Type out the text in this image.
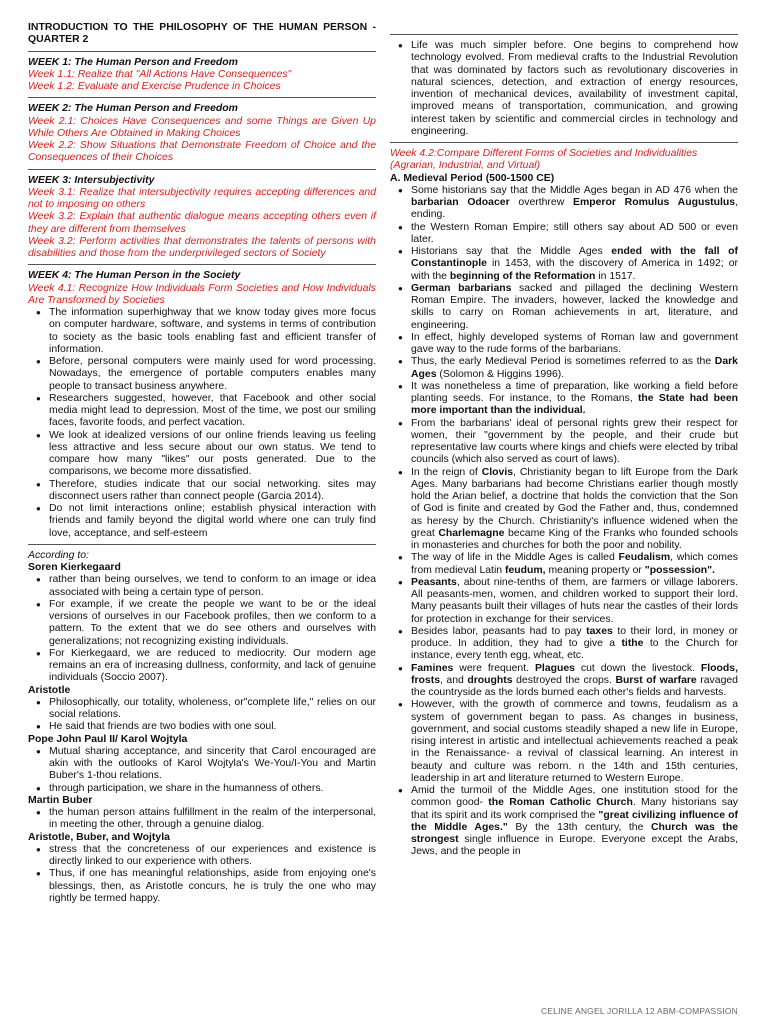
INTRODUCTION TO THE PHILOSOPHY OF THE HUMAN PERSON - QUARTER 2
WEEK 1: The Human Person and Freedom
Week 1.1: Realize that "All Actions Have Consequences"
Week 1.2: Evaluate and Exercise Prudence in Choices
WEEK 2: The Human Person and Freedom
Week 2.1: Choices Have Consequences and some Things are Given Up While Others Are Obtained in Making Choices
Week 2.2: Show Situations that Demonstrate Freedom of Choice and the Consequences of their Choices
WEEK 3: Intersubjectivity
Week 3.1: Realize that intersubjectivity requires accepting differences and not to imposing on others
Week 3.2: Explain that authentic dialogue means accepting others even if they are different from themselves
Week 3.2: Perform activities that demonstrates the talents of persons with disabilities and those from the underprivileged sectors of Society
WEEK 4: The Human Person in the Society
Week 4.1: Recognize How Individuals Form Societies and How Individuals Are Transformed by Societies
● The information superhighway that we know today gives more focus on computer hardware, software, and systems in terms of contribution to society as the basic tools enabling fast and efficient transfer of information.
● Before, personal computers were mainly used for word processing. Nowadays, the emergence of portable computers enables many people to transact business anywhere.
● Researchers suggested, however, that Facebook and other social media might lead to depression. Most of the time, we post our smiling faces, favorite foods, and perfect vacation.
● We look at idealized versions of our online friends leaving us feeling less attractive and less secure about our own status. We tend to compare how many "likes" our posts generated. Due to the comparisons, we become more dissatisfied.
● Therefore, studies indicate that our social networking. sites may disconnect users rather than connect people (Garcia 2014).
● Do not limit interactions online; establish physical interaction with friends and family beyond the digital world where one can truly find love, acceptance, and self-esteem
According to:
Soren Kierkegaard
● rather than being ourselves, we tend to conform to an image or idea associated with being a certain type of person.
● For example, if we create the people we want to be or the ideal versions of ourselves in our Facebook profiles, then we conform to a pattern. To the extent that we do see others and ourselves with generalizations; not recognizing existing individuals.
● For Kierkegaard, we are reduced to mediocrity. Our modern age remains an era of increasing dullness, conformity, and lack of genuine individuals (Soccio 2007).
Aristotle
● Philosophically, our totality, wholeness, or"complete life," relies on our social relations.
● He said that friends are two bodies with one soul.
Pope John Paul II/ Karol Wojtyla
● Mutual sharing acceptance, and sincerity that Carol encouraged are akin with the outlooks of Karol Wojtyla's We-You/I-You and Martin Buber's 1-thou relations.
● through participation, we share in the humanness of others.
Martin Buber
● the human person attains fulfillment in the realm of the interpersonal, in meeting the other, through a genuine dialog.
Aristotle, Buber, and Wojtyla
● stress that the concreteness of our experiences and existence is directly linked to our experience with others.
● Thus, if one has meaningful relationships, aside from enjoying one's blessings, then, as Aristotle concurs, he is truly the one who may rightly be termed happy.
● Life was much simpler before. One begins to comprehend how technology evolved. From medieval crafts to the Industrial Revolution that was dominated by factors such as revolutionary discoveries in natural sciences, detection, and extraction of energy resources, invention of mechanical devices, availability of investment capital, improved means of transportation, communication, and growing interest taken by scientific and commercial circles in technology and engineering.
Week 4.2:Compare Different Forms of Societies and Individualities (Agrarian, Industrial, and Virtual)
A. Medieval Period (500-1500 CE)
● Some historians say that the Middle Ages began in AD 476 when the barbarian Odoacer overthrew Emperor Romulus Augustulus, ending.
● the Western Roman Empire; still others say about AD 500 or even later.
● Historians say that the Middle Ages ended with the fall of Constantinople in 1453, with the discovery of America in 1492; or with the beginning of the Reformation in 1517.
● German barbarians sacked and pillaged the declining Western Roman Empire. The invaders, however, lacked the knowledge and skills to carry on Roman achievements in art, literature, and engineering.
● In effect, highly developed systems of Roman law and government gave way to the rude forms of the barbarians.
● Thus, the early Medieval Period is sometimes referred to as the Dark Ages (Solomon & Higgins 1996).
● It was nonetheless a time of preparation, like working a field before planting seeds. For instance, to the Romans, the State had been more important than the individual.
● From the barbarians' ideal of personal rights grew their respect for women, their "government by the people, and their crude but representative law courts where kings and chiefs were elected by tribal councils (which also served as court of laws).
● In the reign of Clovis, Christianity began to lift Europe from the Dark Ages. Many barbarians had become Christians earlier though mostly hold the Arian belief, a doctrine that holds the conviction that the Son of God is finite and created by God the Father and, thus, condemned as heresy by the Church. Christianity's influence widened when the great Charlemagne became King of the Franks who founded schools in monasteries and churches for both the poor and nobility.
● The way of life in the Middle Ages is called Feudalism, which comes from medieval Latin feudum, meaning property or "possession".
● Peasants, about nine-tenths of them, are farmers or village laborers. All peasants-men, women, and children worked to support their lord. Many peasants built their villages of huts near the castles of their lords for protection in exchange for their services.
● Besides labor, peasants had to pay taxes to their lord, in money or produce. In addition, they had to give a tithe to the Church for instance, every tenth egg, wheat, etc.
● Famines were frequent. Plagues cut down the livestock. Floods, frosts, and droughts destroyed the crops. Burst of warfare ravaged the countryside as the lords burned each other's fields and harvests.
● However, with the growth of commerce and towns, feudalism as a system of government began to pass. As changes in business, government, and social customs steadily shaped a new life in Europe, rising interest in artistic and intellectual achievements reached a peak in the Renaissance- a revival of classical learning. An interest in beauty and culture was reborn. n the 14th and 15th centuries, leadership in art and literature returned to Western Europe.
● Amid the turmoil of the Middle Ages, one institution stood for the common good- the Roman Catholic Church. Many historians say that its spirit and its work comprised the "great civilizing influence of the Middle Ages." By the 13th century, the Church was the strongest single influence in Europe. Everyone except the Arabs, Jews, and the people in
CELINE ANGEL JORILLA 12 ABM-COMPASSION
